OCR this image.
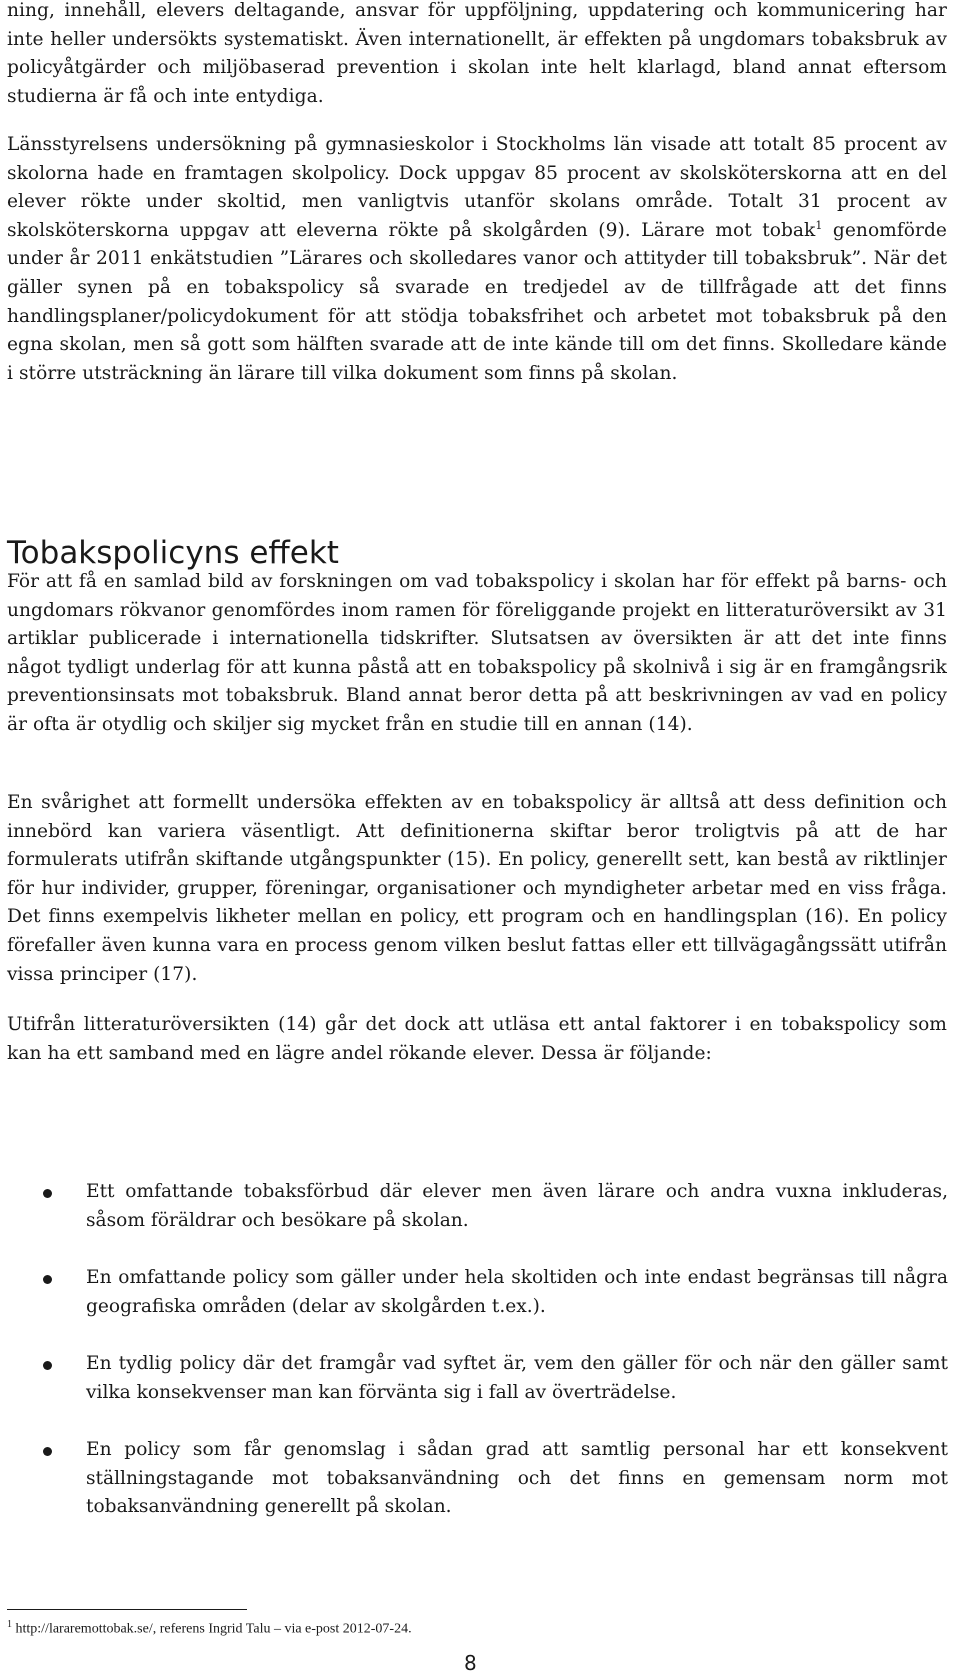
ning, innehåll, elevers deltagande, ansvar för uppföljning, uppdatering och kommunicering har inte heller undersökts systematiskt. Även internationellt, är effekten på ungdomars tobaksbruk av policyåtgärder och miljöbaserad prevention i skolan inte helt klarlagd, bland annat eftersom studierna är få och inte entydiga.

Länsstyrelsens undersökning på gymnasieskolor i Stockholms län visade att totalt 85 procent av skolorna hade en framtagen skolpolicy. Dock uppgav 85 procent av skolsköterskorna att en del elever rökte under skoltid, men vanligtvis utanför skolans område. Totalt 31 procent av skolsköterskorna uppgav att eleverna rökte på skolgården (9). Lärare mot tobak$^1$ genomförde under år 2011 enkätstudien ”Lärares och skolledares vanor och attityder till tobaksbruk”. När det gäller synen på en tobakspolicy så svarade en tredjedel av de tillfrågade att det finns handlingsplaner/policydokument för att stödja tobaksfrihet och arbetet mot tobaksbruk på den egna skolan, men så gott som hälften svarade att de inte kände till om det finns. Skolledare kände i större utsträckning än lärare till vilka dokument som finns på skolan.

Tobakspolicyns effekt

För att få en samlad bild av forskningen om vad tobakspolicy i skolan har för effekt på barns- och ungdomars rökvanor genomfördes inom ramen för föreliggande projekt en litteraturöversikt av 31 artiklar publicerade i internationella tidskrifter. Slutsatsen av översikten är att det inte finns något tydligt underlag för att kunna påstå att en tobakspolicy på skolnivå i sig är en framgångsrik preventionsinsats mot tobaksbruk. Bland annat beror detta på att beskrivningen av vad en policy är ofta är otydlig och skiljer sig mycket från en studie till en annan (14).

En svårighet att formellt undersöka effekten av en tobakspolicy är alltså att dess definition och innebörd kan variera väsentligt. Att definitionerna skiftar beror troligtvis på att de har formulerats utifrån skiftande utgångspunkter (15). En policy, generellt sett, kan bestå av riktlinjer för hur individer, grupper, föreningar, organisationer och myndigheter arbetar med en viss fråga. Det finns exempelvis likheter mellan en policy, ett program och en handlingsplan (16). En policy förefaller även kunna vara en process genom vilken beslut fattas eller ett tillvägagångssätt utifrån vissa principer (17).

Utifrån litteraturöversikten (14) går det dock att utläsa ett antal faktorer i en tobakspolicy som kan ha ett samband med en lägre andel rökande elever. Dessa är följande:

Ett omfattande tobaksförbud där elever men även lärare och andra vuxna inkluderas, såsom föräldrar och besökare på skolan.
En omfattande policy som gäller under hela skoltiden och inte endast begränsas till några geografiska områden (delar av skolgården t.ex.).
En tydlig policy där det framgår vad syftet är, vem den gäller för och när den gäller samt vilka konsekvenser man kan förvänta sig i fall av överträdelse.
En policy som får genomslag i sådan grad att samtlig personal har ett konsekvent ställningstagande mot tobaksanvändning och det finns en gemensam norm mot tobaksanvändning generellt på skolan.
$^1$ http://lararemottobak.se/, referens Ingrid Talu – via e-post 2012-07-24.
8
